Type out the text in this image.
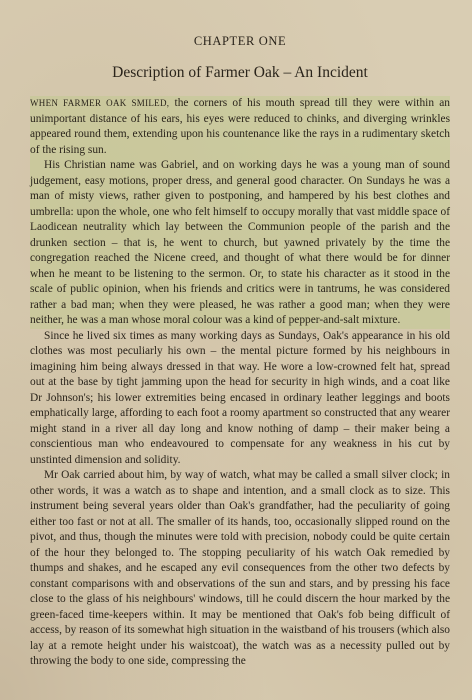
CHAPTER ONE
Description of Farmer Oak – An Incident

WHEN FARMER OAK SMILED, the corners of his mouth spread till they were within an unimportant distance of his ears, his eyes were reduced to chinks, and diverging wrinkles appeared round them, extending upon his countenance like the rays in a rudimentary sketch of the rising sun.

His Christian name was Gabriel, and on working days he was a young man of sound judgement, easy motions, proper dress, and general good character. On Sundays he was a man of misty views, rather given to postponing, and hampered by his best clothes and umbrella: upon the whole, one who felt himself to occupy morally that vast middle space of Laodicean neutrality which lay between the Communion people of the parish and the drunken section – that is, he went to church, but yawned privately by the time the congregation reached the Nicene creed, and thought of what there would be for dinner when he meant to be listening to the sermon. Or, to state his character as it stood in the scale of public opinion, when his friends and critics were in tantrums, he was considered rather a bad man; when they were pleased, he was rather a good man; when they were neither, he was a man whose moral colour was a kind of pepper-and-salt mixture.

Since he lived six times as many working days as Sundays, Oak's appearance in his old clothes was most peculiarly his own – the mental picture formed by his neighbours in imagining him being always dressed in that way. He wore a low-crowned felt hat, spread out at the base by tight jamming upon the head for security in high winds, and a coat like Dr Johnson's; his lower extremities being encased in ordinary leather leggings and boots emphatically large, affording to each foot a roomy apartment so constructed that any wearer might stand in a river all day long and know nothing of damp – their maker being a conscientious man who endeavoured to compensate for any weakness in his cut by unstinted dimension and solidity.

Mr Oak carried about him, by way of watch, what may be called a small silver clock; in other words, it was a watch as to shape and intention, and a small clock as to size. This instrument being several years older than Oak's grandfather, had the peculiarity of going either too fast or not at all. The smaller of its hands, too, occasionally slipped round on the pivot, and thus, though the minutes were told with precision, nobody could be quite certain of the hour they belonged to. The stopping peculiarity of his watch Oak remedied by thumps and shakes, and he escaped any evil consequences from the other two defects by constant comparisons with and observations of the sun and stars, and by pressing his face close to the glass of his neighbours' windows, till he could discern the hour marked by the green-faced time-keepers within. It may be mentioned that Oak's fob being difficult of access, by reason of its somewhat high situation in the waistband of his trousers (which also lay at a remote height under his waistcoat), the watch was as a necessity pulled out by throwing the body to one side, compressing the
